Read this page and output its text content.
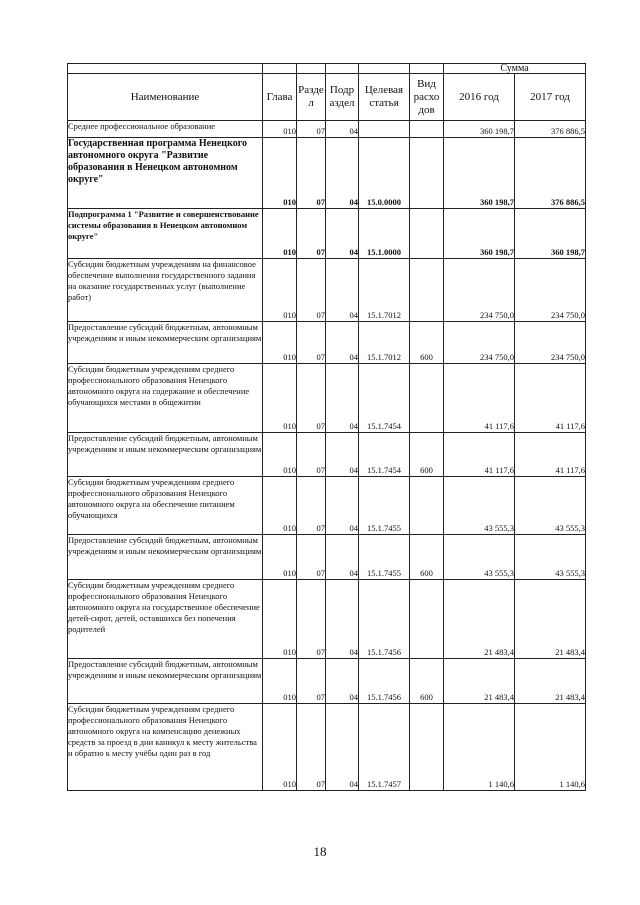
						Сумма	
Наименование	Глава	Разде л	Подр аздел	Целевая статья	Вид расхо дов	2016 год	2017 год
Среднее профессиональное образование	010	07	04			360 198,7	376 886,5
Государственная программа Ненецкого автономного округа "Развитие образования в Ненецком автономном округе"	010	07	04	15.0.0000		360 198,7	376 886,5
Подпрограмма 1 "Развитие и совершенствование системы образования в Ненецком автономном округе"	010	07	04	15.1.0000		360 198,7	360 198,7
Субсидии бюджетным учреждениям на финансовое обеспечение выполнения государственного задания на оказание государственных услуг (выполнение работ)	010	07	04	15.1.7012		234 750,0	234 750,0
Предоставление субсидий бюджетным, автономным учреждениям и иным некоммерческим организациям	010	07	04	15.1.7012	600	234 750,0	234 750,0
Субсидии бюджетным учреждениям среднего профессионального образования Ненецкого автономного округа на содержание и обеспечение обучающихся местами в общежитии	010	07	04	15.1.7454		41 117,6	41 117,6
Предоставление субсидий бюджетным, автономным учреждениям и иным некоммерческим организациям	010	07	04	15.1.7454	600	41 117,6	41 117,6
Субсидии бюджетным учреждениям среднего профессионального образования Ненецкого автономного округа на обеспечение питанием обучающихся	010	07	04	15.1.7455		43 555,3	43 555,3
Предоставление субсидий бюджетным, автономным учреждениям и иным некоммерческим организациям	010	07	04	15.1.7455	600	43 555,3	43 555,3
Субсидии бюджетным учреждениям среднего профессионального образования Ненецкого автономного округа на государственное обеспечение детей-сирот, детей, оставшихся без попечения родителей	010	07	04	15.1.7456		21 483,4	21 483,4
Предоставление субсидий бюджетным, автономным учреждениям и иным некоммерческим организациям	010	07	04	15.1.7456	600	21 483,4	21 483,4
Субсидии бюджетным учреждениям среднего профессионального образования Ненецкого автономного округа на компенсацию денежных средств за проезд в дни каникул к месту жительства и обратно к месту учёбы один раз в год	010	07	04	15.1.7457		1 140,6	1 140,6
18
